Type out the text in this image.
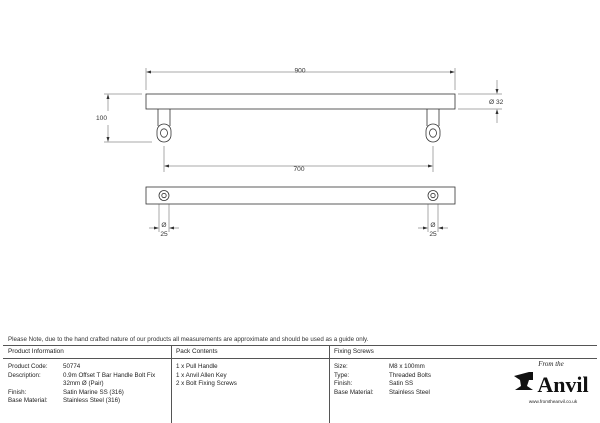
900
100
Ø 32
700
Ø
25
Ø
25
Please Note, due to the hand crafted nature of our products all measurements are approximate and should be used as a guide only.
Product Information
Product Code: 50774
Description:	0.9m Offset T Bar Handle Bolt Fix
32mm Ø (Pair)
Finish:	Satin Marine SS (316)
Base Material: Stainless Steel (316)
Pack Contents
1 x Pull Handle
1 x Anvil Allen Key
2 x Bolt Fixing Screws
Fixing Screws
Size:	M8 x 100mm
Type:	Threaded Bolts
Finish:	Satin SS
Base Material: Stainless Steel
From the
Anvil
www.fromtheanvil.co.uk
